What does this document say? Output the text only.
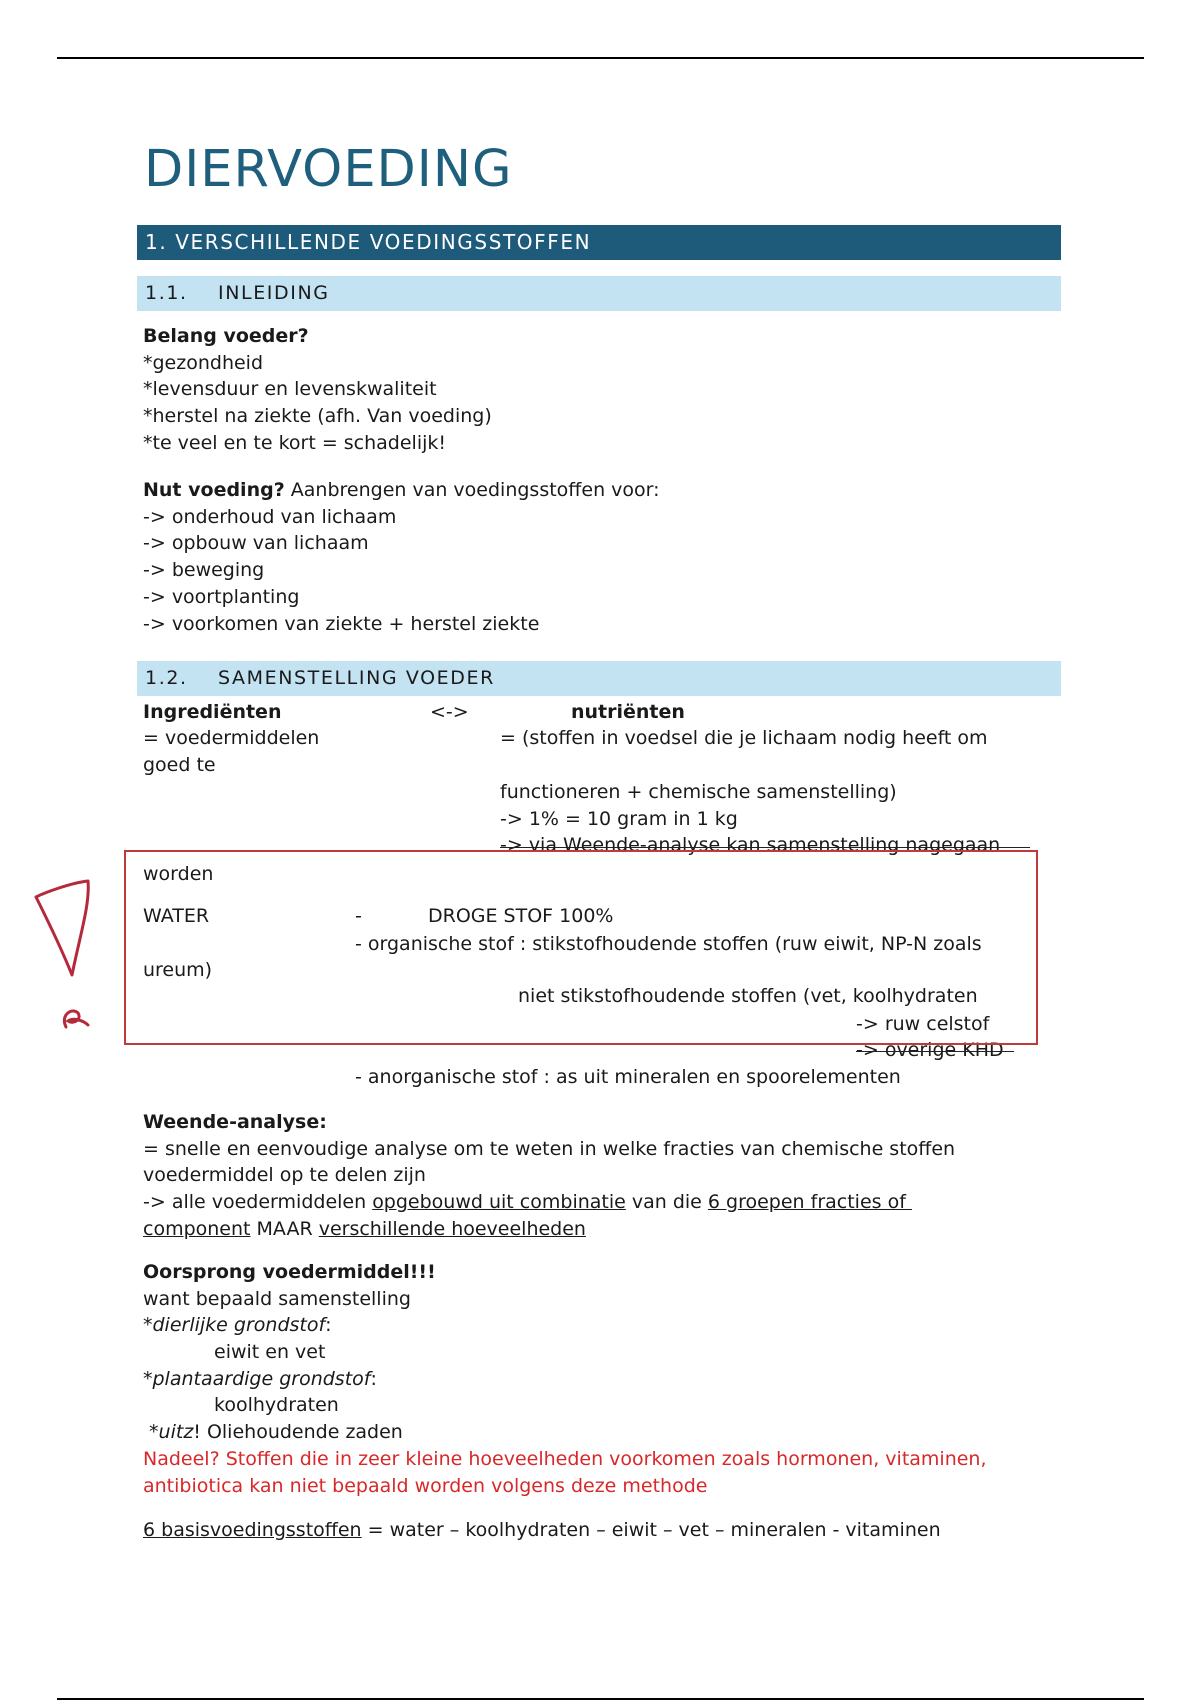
DIERVOEDING
1. VERSCHILLENDE VOEDINGSSTOFFEN
1.1. INLEIDING
Belang voeder?
*gezondheid
*levensduur en levenskwaliteit
*herstel na ziekte (afh. Van voeding)
*te veel en te kort = schadelijk!
Nut voeding? Aanbrengen van voedingsstoffen voor:
-> onderhoud van lichaam
-> opbouw van lichaam
-> beweging
-> voortplanting
-> voorkomen van ziekte + herstel ziekte
1.2. SAMENSTELLING VOEDER
Ingrediënten	<->	nutriënten
= voedermiddelen	= (stoffen in voedsel die je lichaam nodig heeft om
goed te
functioneren + chemische samenstelling)
-> 1% = 10 gram in 1 kg
-> via Weende-analyse kan samenstelling nagegaan
worden
WATER	-	DROGE STOF 100%
- organische stof : stikstofhoudende stoffen (ruw eiwit, NP-N zoals
ureum)
niet stikstofhoudende stoffen (vet, koolhydraten
-> ruw celstof
-> overige KHD
- anorganische stof : as uit mineralen en spoorelementen
Weende-analyse:
= snelle en eenvoudige analyse om te weten in welke fracties van chemische stoffen
voedermiddel op te delen zijn
-> alle voedermiddelen opgebouwd uit combinatie van die 6 groepen fracties of
component MAAR verschillende hoeveelheden
Oorsprong voedermiddel!!!
want bepaald samenstelling
*dierlijke grondstof:
eiwit en vet
*plantaardige grondstof:
koolhydraten
*uitz! Oliehoudende zaden
Nadeel? Stoffen die in zeer kleine hoeveelheden voorkomen zoals hormonen, vitaminen,
antibiotica kan niet bepaald worden volgens deze methode
6 basisvoedingsstoffen = water – koolhydraten – eiwit – vet – mineralen - vitaminen
